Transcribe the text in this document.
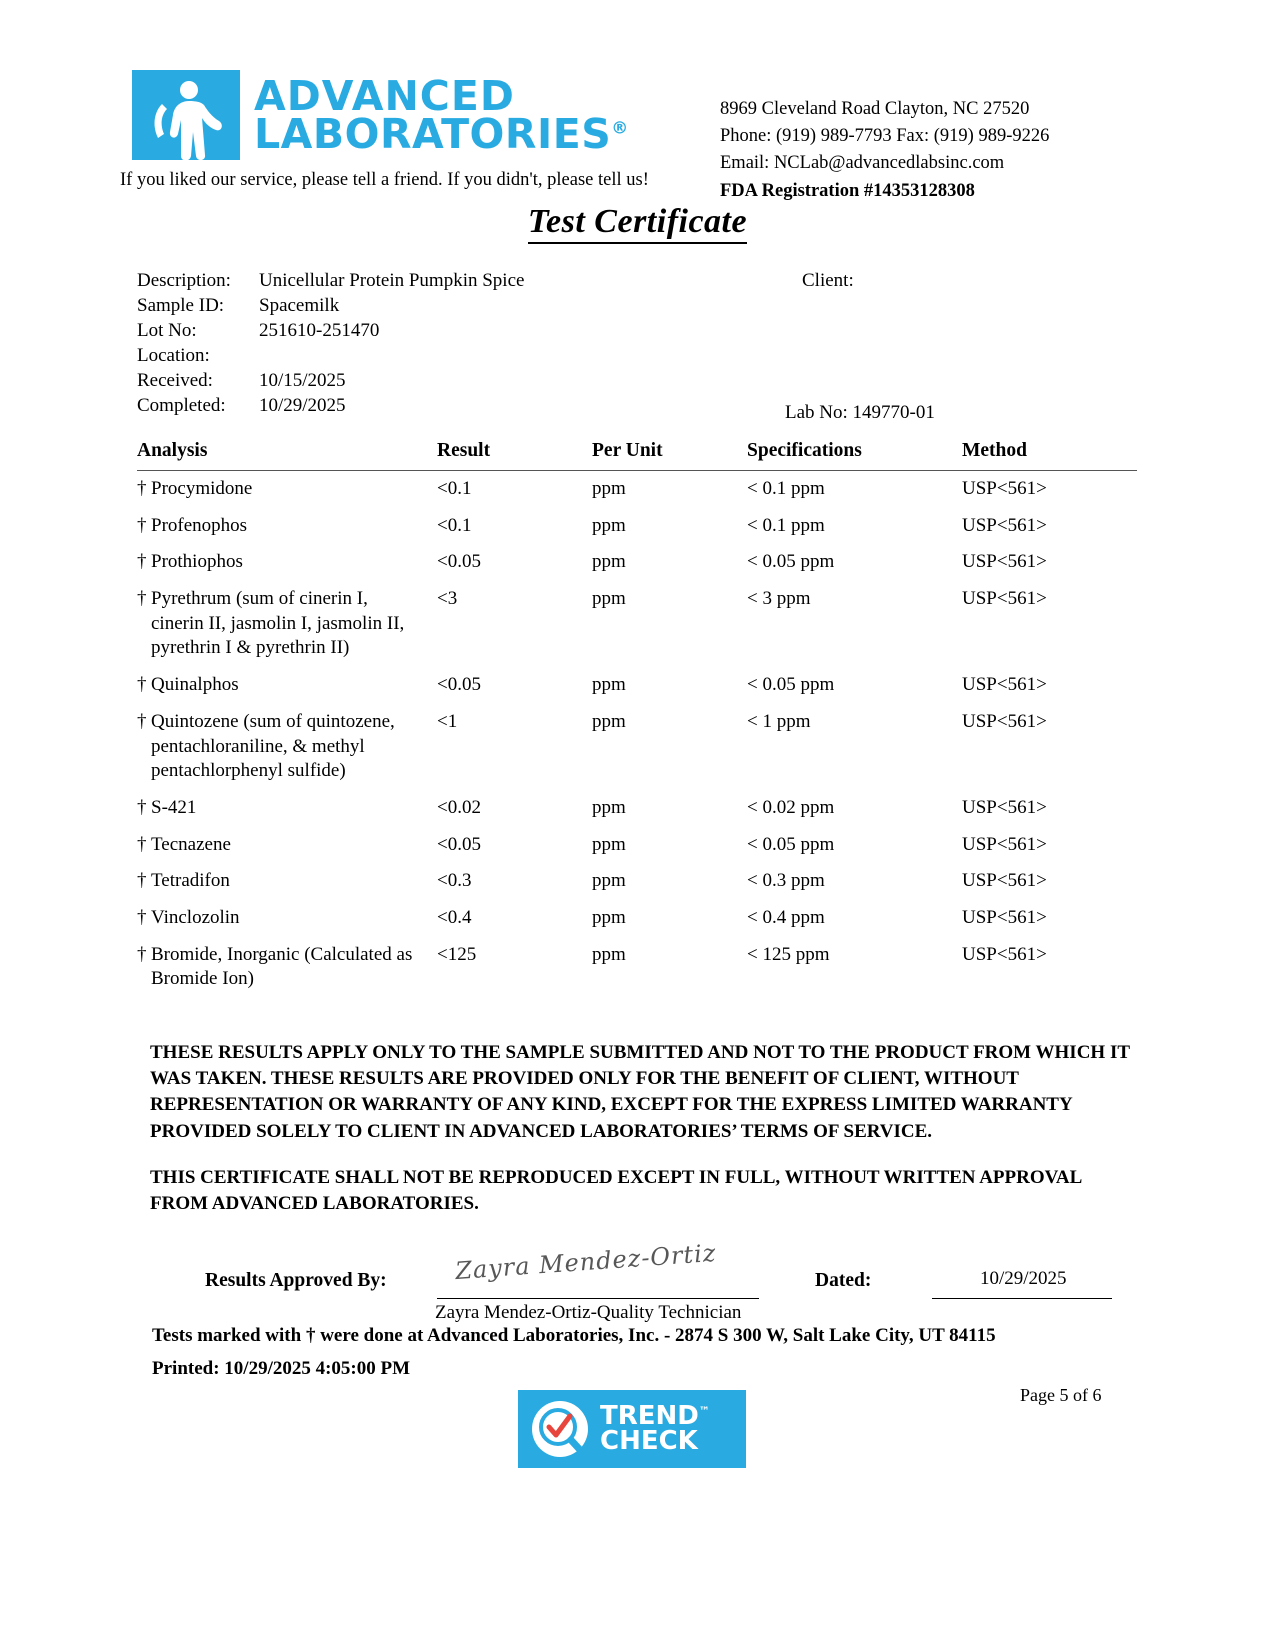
ADVANCED
LABORATORIES®
8969 Cleveland Road Clayton, NC 27520
Phone: (919) 989-7793 Fax: (919) 989-9226
Email: NCLab@advancedlabsinc.com
FDA Registration #14353128308
If you liked our service, please tell a friend. If you didn't, please tell us!
Test Certificate
Description:	Unicellular Protein Pumpkin Spice
Sample ID:	Spacemilk
Lot No:	251610-251470
Location:
Received:	10/15/2025
Completed:	10/29/2025
Client:
Lab No: 149770-01
Analysis	Result	Per Unit	Specifications	Method
† Procymidone	<0.1	ppm	< 0.1 ppm	USP<561>
† Profenophos	<0.1	ppm	< 0.1 ppm	USP<561>
† Prothiophos	<0.05	ppm	< 0.05 ppm	USP<561>
† Pyrethrum (sum of cinerin I,
cinerin II, jasmolin I, jasmolin II, pyrethrin I & pyrethrin II)	<3	ppm	< 3 ppm	USP<561>
† Quinalphos	<0.05	ppm	< 0.05 ppm	USP<561>
† Quintozene (sum of quintozene,
pentachloraniline, & methyl pentachlorphenyl sulfide)	<1	ppm	< 1 ppm	USP<561>
† S-421	<0.02	ppm	< 0.02 ppm	USP<561>
† Tecnazene	<0.05	ppm	< 0.05 ppm	USP<561>
† Tetradifon	<0.3	ppm	< 0.3 ppm	USP<561>
† Vinclozolin	<0.4	ppm	< 0.4 ppm	USP<561>
† Bromide, Inorganic (Calculated as
Bromide Ion)	<125	ppm	< 125 ppm	USP<561>

THESE RESULTS APPLY ONLY TO THE SAMPLE SUBMITTED AND NOT TO THE PRODUCT FROM WHICH IT WAS TAKEN. THESE RESULTS ARE PROVIDED ONLY FOR THE BENEFIT OF CLIENT, WITHOUT REPRESENTATION OR WARRANTY OF ANY KIND, EXCEPT FOR THE EXPRESS LIMITED WARRANTY PROVIDED SOLELY TO CLIENT IN ADVANCED LABORATORIES’ TERMS OF SERVICE.

THIS CERTIFICATE SHALL NOT BE REPRODUCED EXCEPT IN FULL, WITHOUT WRITTEN APPROVAL FROM ADVANCED LABORATORIES.

Results Approved By:	Zayra Mendez-Ortiz
Zayra Mendez-Ortiz-Quality Technician
Dated:	10/29/2025
Tests marked with † were done at Advanced Laboratories, Inc. - 2874 S 300 W, Salt Lake City, UT 84115
Printed: 10/29/2025 4:05:00 PM
Page 5 of 6
TREND™
CHECK
